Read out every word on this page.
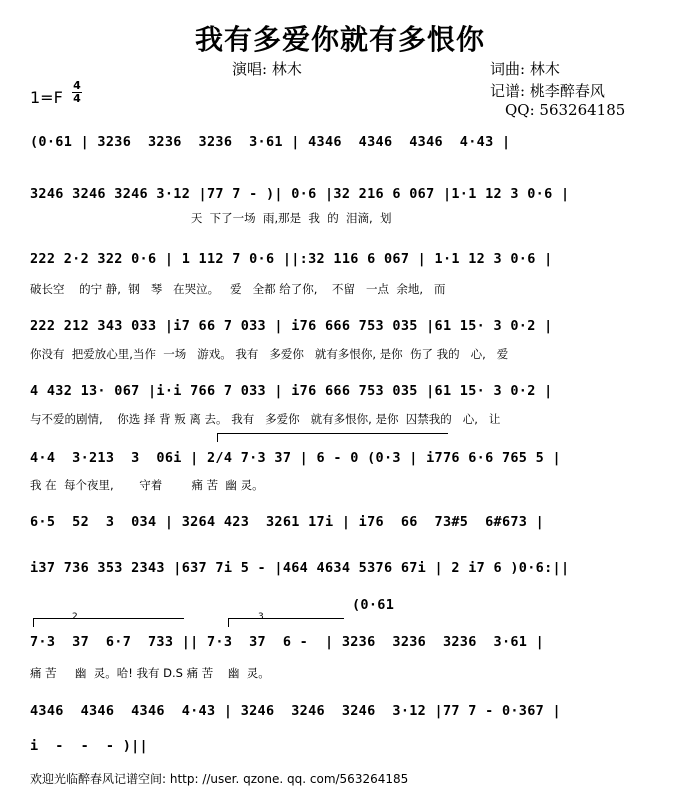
我有多爱你就有多恨你
演唱: 林木	词曲: 林木
记谱: 桃李醉春风
QQ: 563264185
1=F
4
4
(0·61 | 3236  3236  3236  3·61 | 4346  4346  4346  4·43 |
3246 3246 3246 3·12 |77 7 - )| 0·6 |32 216 6 067 |1·1 12 3 0·6 |
天  下了一场  雨,那是  我  的  泪滴,  划
222 2·2 322 0·6 | 1 112 7 0·6 ||:32 116 6 067 | 1·1 12 3 0·6 |
破长空    的宁 静,  钢   琴   在哭泣。   爱   全都 给了你,    不留   一点  余地,   而
222 212 343 033 |i7 66 7 033 | i76 666 753 035 |61 15· 3 0·2 |
你没有  把爱放心里,当作  一场   游戏。 我有   多爱你   就有多恨你, 是你  伤了 我的   心,   爱
4 432 13· 067 |i·i 766 7 033 | i76 666 753 035 |61 15· 3 0·2 |
与不爱的剧情,    你选 择 背 叛 离 去。 我有   多爱你   就有多恨你, 是你  囚禁我的   心,   让
4·4  3·213  3  06i | 2/4 7·3 37 | 6 - 0 (0·3 | i776 6·6 765 5 |
我 在  每个夜里,       守着        痛 苦  幽 灵。
6·5  52  3  034 | 3264 423  3261 17i | i76  66  73#5  6#673 |
i37 736 353 2343 |637 7i 5 - |464 4634 5376 67i | 2 i7 6 )0·6:||
2	3
(0·61
7·3  37  6·7  733 || 7·3  37  6 -  | 3236  3236  3236  3·61 |
痛 苦     幽  灵。哈! 我有 D.S 痛 苦    幽  灵。
4346  4346  4346  4·43 | 3246  3246  3246  3·12 |77 7 - 0·367 |
i  -  -  - )||
欢迎光临醉春风记谱空间: http: //user. qzone. qq. com/563264185
